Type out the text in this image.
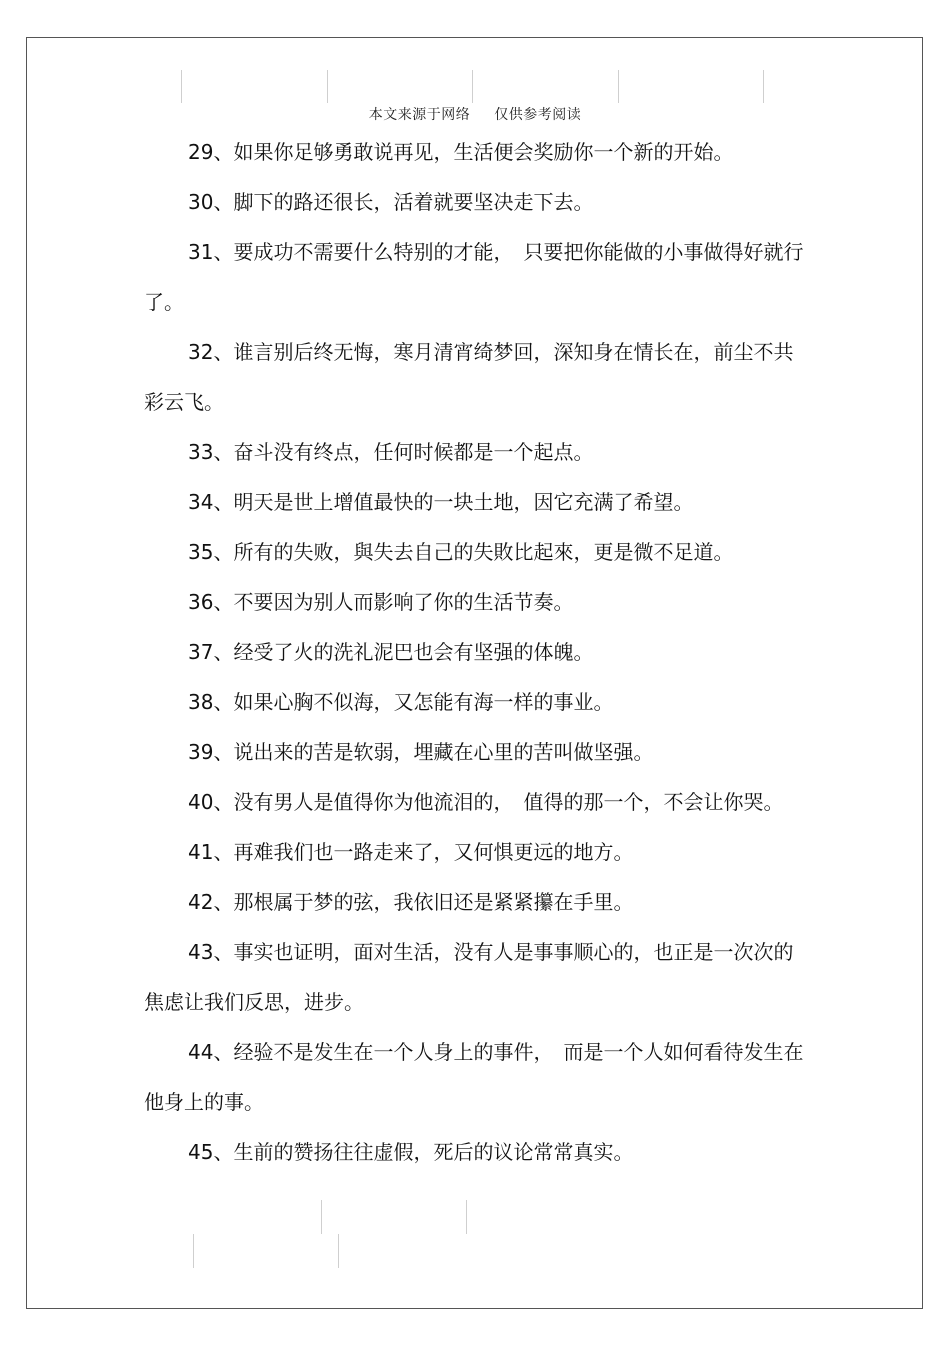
本文来源于网络 仅供参考阅读

29、如果你足够勇敢说再见，生活便会奖励你一个新的开始。

30、脚下的路还很长，活着就要坚决走下去。

31、要成功不需要什么特别的才能，　只要把你能做的小事做得好就行了。

32、谁言别后终无悔，寒月清宵绮梦回，深知身在情长在，前尘不共彩云飞。

33、奋斗没有终点，任何时候都是一个起点。

34、明天是世上增值最快的一块土地，因它充满了希望。

35、所有的失败，與失去自己的失敗比起來，更是微不足道。

36、不要因为别人而影响了你的生活节奏。

37、经受了火的洗礼泥巴也会有坚强的体魄。

38、如果心胸不似海，又怎能有海一样的事业。

39、说出来的苦是软弱，埋藏在心里的苦叫做坚强。

40、没有男人是值得你为他流泪的，　值得的那一个，不会让你哭。

41、再难我们也一路走来了，又何惧更远的地方。

42、那根属于梦的弦，我依旧还是紧紧攥在手里。

43、事实也证明，面对生活，没有人是事事顺心的，也正是一次次的焦虑让我们反思，进步。

44、经验不是发生在一个人身上的事件，　而是一个人如何看待发生在他身上的事。

45、生前的赞扬往往虚假，死后的议论常常真实。
